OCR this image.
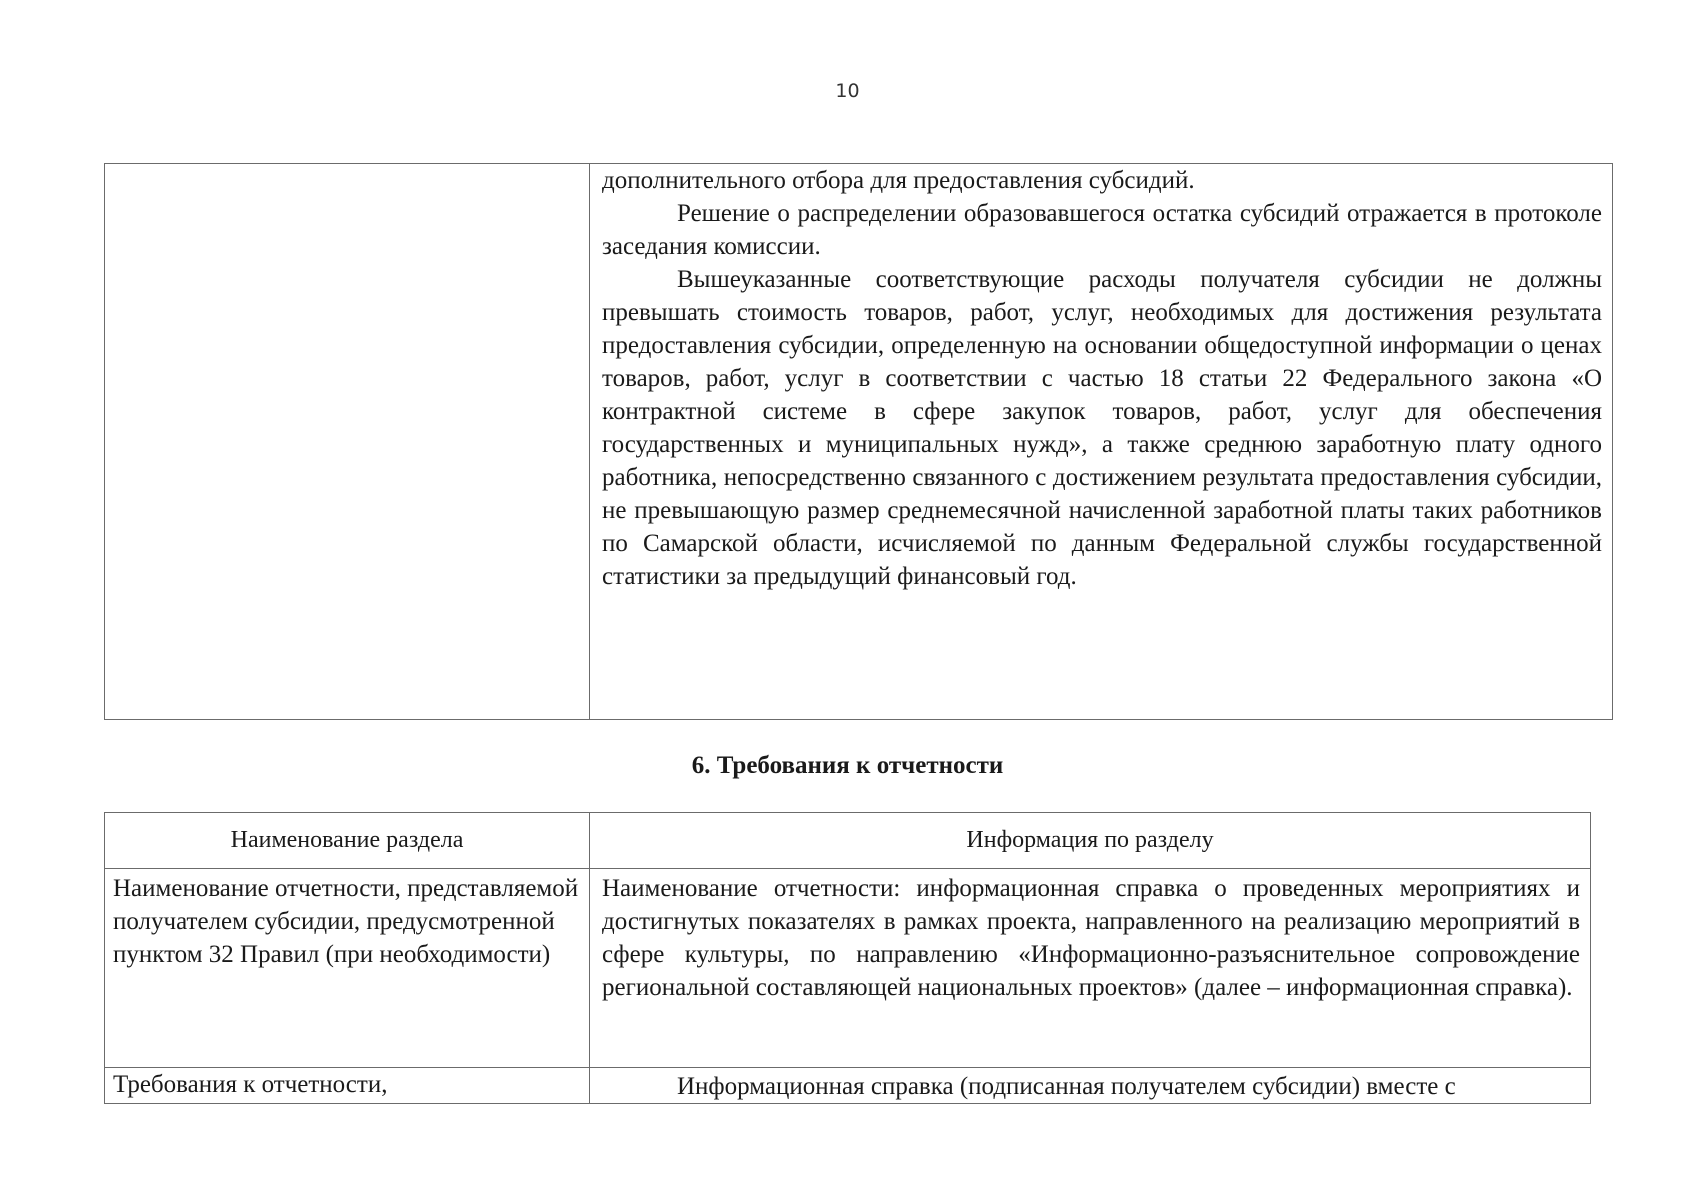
10

дополнительного отбора для предоставления субсидий.

Решение о распределении образовавшегося остатка субсидий отражается в протоколе заседания комиссии.

Вышеуказанные соответствующие расходы получателя субсидии не должны превышать стоимость товаров, работ, услуг, необходимых для достижения результата предоставления субсидии, определенную на основании общедоступной информации о ценах товаров, работ, услуг в соответствии с частью 18 статьи 22 Федерального закона «О контрактной системе в сфере закупок товаров, работ, услуг для обеспечения государственных и муниципальных нужд», а также среднюю заработную плату одного работника, непосредственно связанного с достижением результата предоставления субсидии, не превышающую размер среднемесячной начисленной заработной платы таких работников по Самарской области, исчисляемой по данным Федеральной службы государственной статистики за предыдущий финансовый год.

6. Требования к отчетности
Наименование раздела	Информация по разделу
Наименование отчетности, представляемой получателем субсидии, предусмотренной пунктом 32 Правил (при необходимости)	Наименование отчетности: информационная справка о проведенных мероприятиях и достигнутых показателях в рамках проекта, направленного на реализацию мероприятий в сфере культуры, по направлению «Информационно-разъяснительное сопровождение региональной составляющей национальных проектов» (далее – информационная справка).

Требования к отчетности,	Информационная справка (подписанная получателем субсидии) вместе с
